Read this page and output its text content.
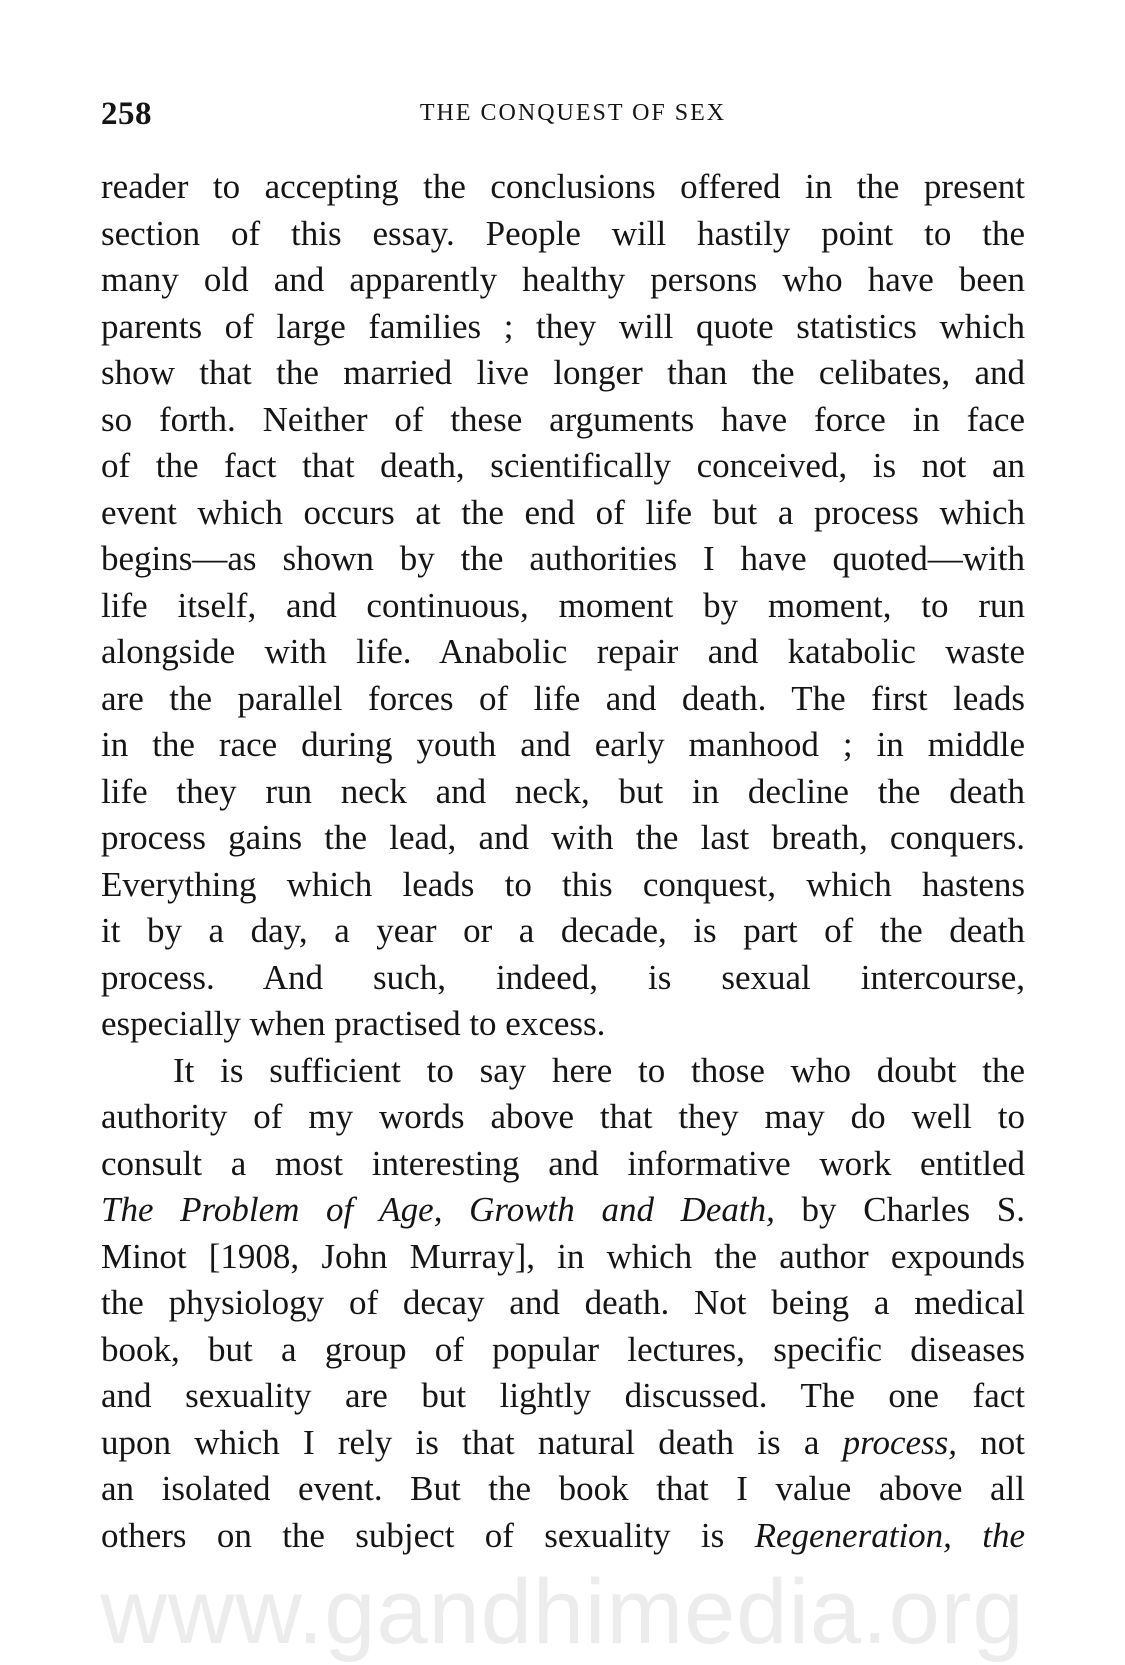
258	THE CONQUEST OF SEX

reader to accepting the conclusions offered in the present
section of this essay. People will hastily point to the
many old and apparently healthy persons who have been
parents of large families ; they will quote statistics which
show that the married live longer than the celibates, and
so forth. Neither of these arguments have force in face
of the fact that death, scientifically conceived, is not an
event which occurs at the end of life but a process which
begins—as shown by the authorities I have quoted—with
life itself, and continuous, moment by moment, to run
alongside with life. Anabolic repair and katabolic waste
are the parallel forces of life and death. The first leads
in the race during youth and early manhood ; in middle
life they run neck and neck, but in decline the death
process gains the lead, and with the last breath, conquers.
Everything which leads to this conquest, which hastens
it by a day, a year or a decade, is part of the death
process. And such, indeed, is sexual intercourse,
especially when practised to excess.

It is sufficient to say here to those who doubt the
authority of my words above that they may do well to
consult a most interesting and informative work entitled
The Problem of Age, Growth and Death, by Charles S.
Minot [1908, John Murray], in which the author expounds
the physiology of decay and death. Not being a medical
book, but a group of popular lectures, specific diseases
and sexuality are but lightly discussed. The one fact
upon which I rely is that natural death is a process, not
an isolated event. But the book that I value above all
others on the subject of sexuality is Regeneration, the

www.gandhimedia.org
